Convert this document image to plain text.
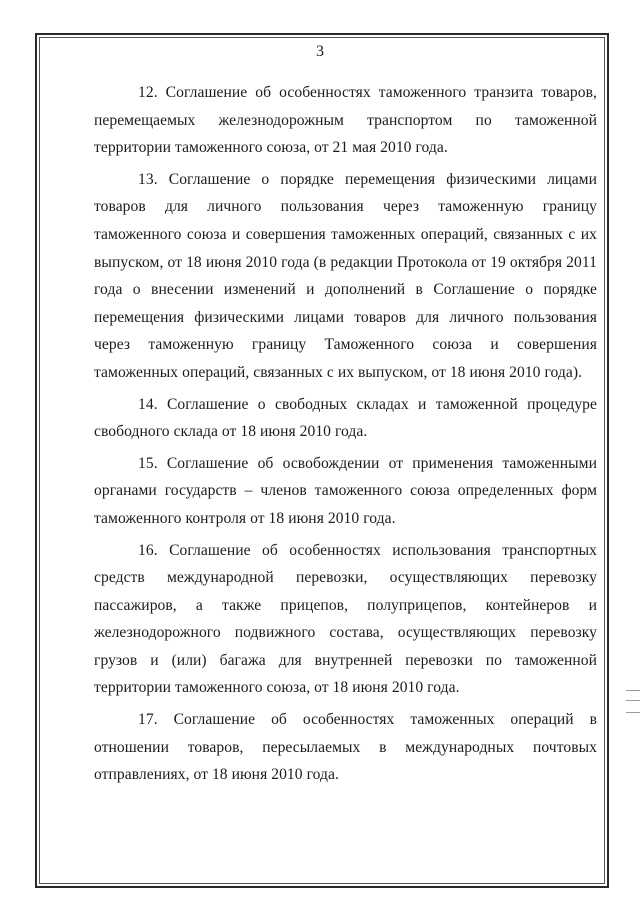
3

12. Соглашение об особенностях таможенного транзита товаров, перемещаемых железнодорожным транспортом по таможенной территории таможенного союза, от 21 мая 2010 года.

13. Соглашение о порядке перемещения физическими лицами товаров для личного пользования через таможенную границу таможенного союза и совершения таможенных операций, связанных с их выпуском, от 18 июня 2010 года (в редакции Протокола от 19 октября 2011 года о внесении изменений и дополнений в Соглашение о порядке перемещения физическими лицами товаров для личного пользования через таможенную границу Таможенного союза и совершения таможенных операций, связанных с их выпуском, от 18 июня 2010 года).

14. Соглашение о свободных складах и таможенной процедуре свободного склада от 18 июня 2010 года.

15. Соглашение об освобождении от применения таможенными органами государств – членов таможенного союза определенных форм таможенного контроля от 18 июня 2010 года.

16. Соглашение об особенностях использования транспортных средств международной перевозки, осуществляющих перевозку пассажиров, а также прицепов, полуприцепов, контейнеров и железнодорожного подвижного состава, осуществляющих перевозку грузов и (или) багажа для внутренней перевозки по таможенной территории таможенного союза, от 18 июня 2010 года.

17. Соглашение об особенностях таможенных операций в отношении товаров, пересылаемых в международных почтовых отправлениях, от 18 июня 2010 года.
